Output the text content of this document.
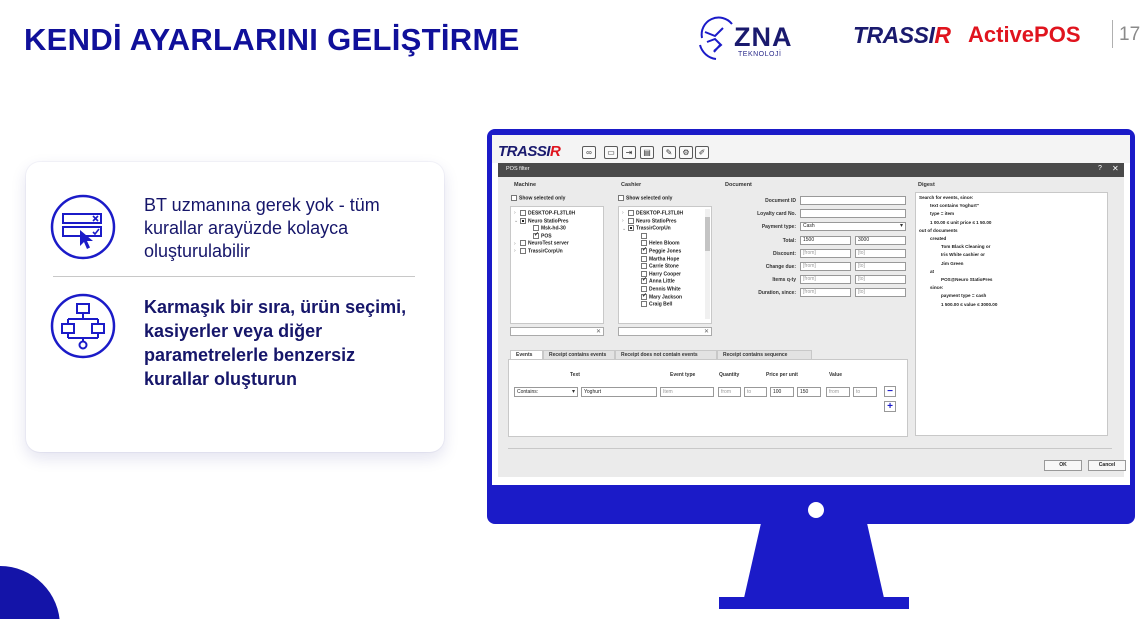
KENDİ AYARLARINI GELİŞTİRME	ZNA
TEKNOLOJİ
TRASSIR ActivePOS 17
BT uzmanına gerek yok - tüm kurallar arayüzde kolayca oluşturulabilir
Karmaşık bir sıra, ürün seçimi, kasiyerler veya diğer parametrelerle benzersiz kurallar oluşturun
TRASSIR	∞	▭	⇥	▤	✎	⚙	✐
POS filter	? ✕
Machine
Show selected only
› DESKTOP-FL3TL0H
⌄ Neuro StatioPres
Msk-hd-30
✓POS
› NeuroTest server
› TrassirCorpUn
✕
Cashier
Show selected only
› DESKTOP-FL3TL0H
› Neuro StatioPres
⌄ TrassirCorpUn
Helen Bloom
✓Peggie Jones
Martha Hope
Carrie Stone
Harry Cooper
✓Anna Little
Dennis White
✓Mary Jackson
Craig Bell
✕
Document
Document ID
Loyalty card No.
Payment type:	Cash ▾
Total:	1500	3000
Discount:	[from]	[to]
Change due:	[from]	[to]
Items q-ty	[from]	[to]
Duration, since:	[from]	[to]
Digest
Search for events, since:
text contains Yoghurt"
type = item
1 00.00 ≤ unit price ≤ 1 50.00
out of documents
created
Tom Black Cleaning or
Iris White cashier or
Jim Green
at
POS@Neuro StatioPres
since:
payment type = cash
1 500.00 ≤ value ≤ 3000.00
Events	Receipt contains events	Receipt does not contain events	Receipt contains sequence
Text	Event type	Quantity	Price per unit	Value
Contains: ▾	Yoghurt	Item	from	to	100	150	from	to	−
+
OK	Cancel
